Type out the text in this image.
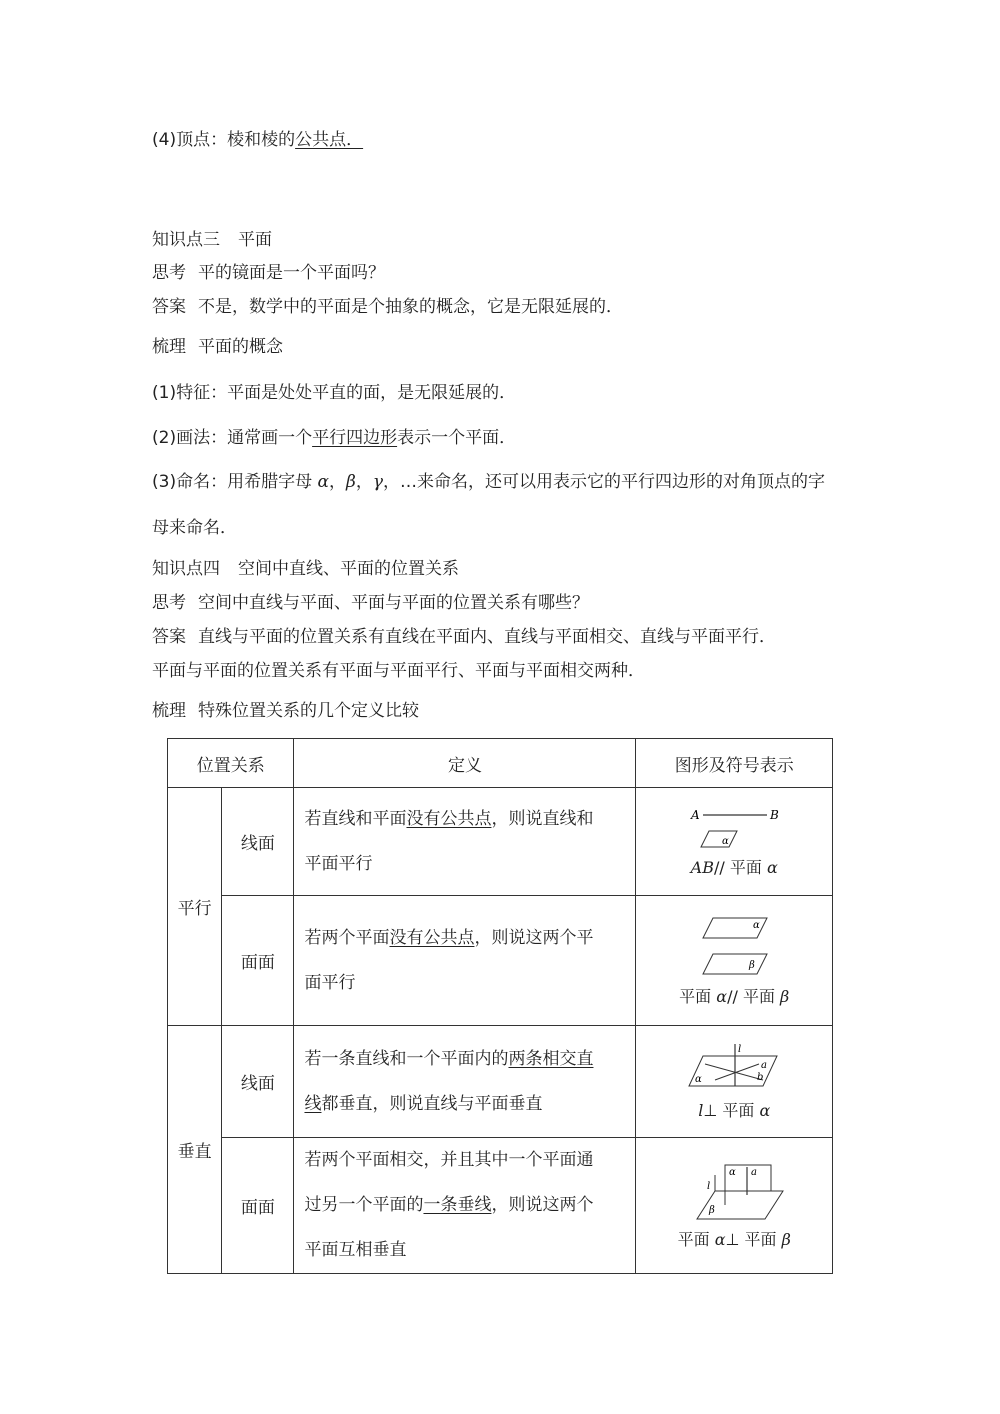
(4)顶点：棱和棱的公共点．
知识点三 平面
思考 平的镜面是一个平面吗？
答案 不是，数学中的平面是个抽象的概念，它是无限延展的．
梳理 平面的概念
(1)特征：平面是处处平直的面，是无限延展的．
(2)画法：通常画一个平行四边形表示一个平面．
(3)命名：用希腊字母 α，β，γ，…来命名，还可以用表示它的平行四边形的对角顶点的字
母来命名．
知识点四 空间中直线、平面的位置关系
思考 空间中直线与平面、平面与平面的位置关系有哪些？
答案 直线与平面的位置关系有直线在平面内、直线与平面相交、直线与平面平行．
平面与平面的位置关系有平面与平面平行、平面与平面相交两种．
梳理 特殊位置关系的几个定义比较
位置关系		定义	图形及符号表示
平行	线面	若直线和平面没有公共点，则说直线和
平面平行	A B
α
AB// 平面 α

	面面	若两个平面没有公共点，则说这两个平
面平行	α
β
平面 α// 平面 β

垂直	线面	若一条直线和一个平面内的两条相交直
线都垂直，则说直线与平面垂直	l
a
b
α
l⊥ 平面 α

	面面	若两个平面相交，并且其中一个平面通
过另一个平面的一条垂线，则说这两个
平面互相垂直	α a
l
β
平面 α⊥ 平面 β
